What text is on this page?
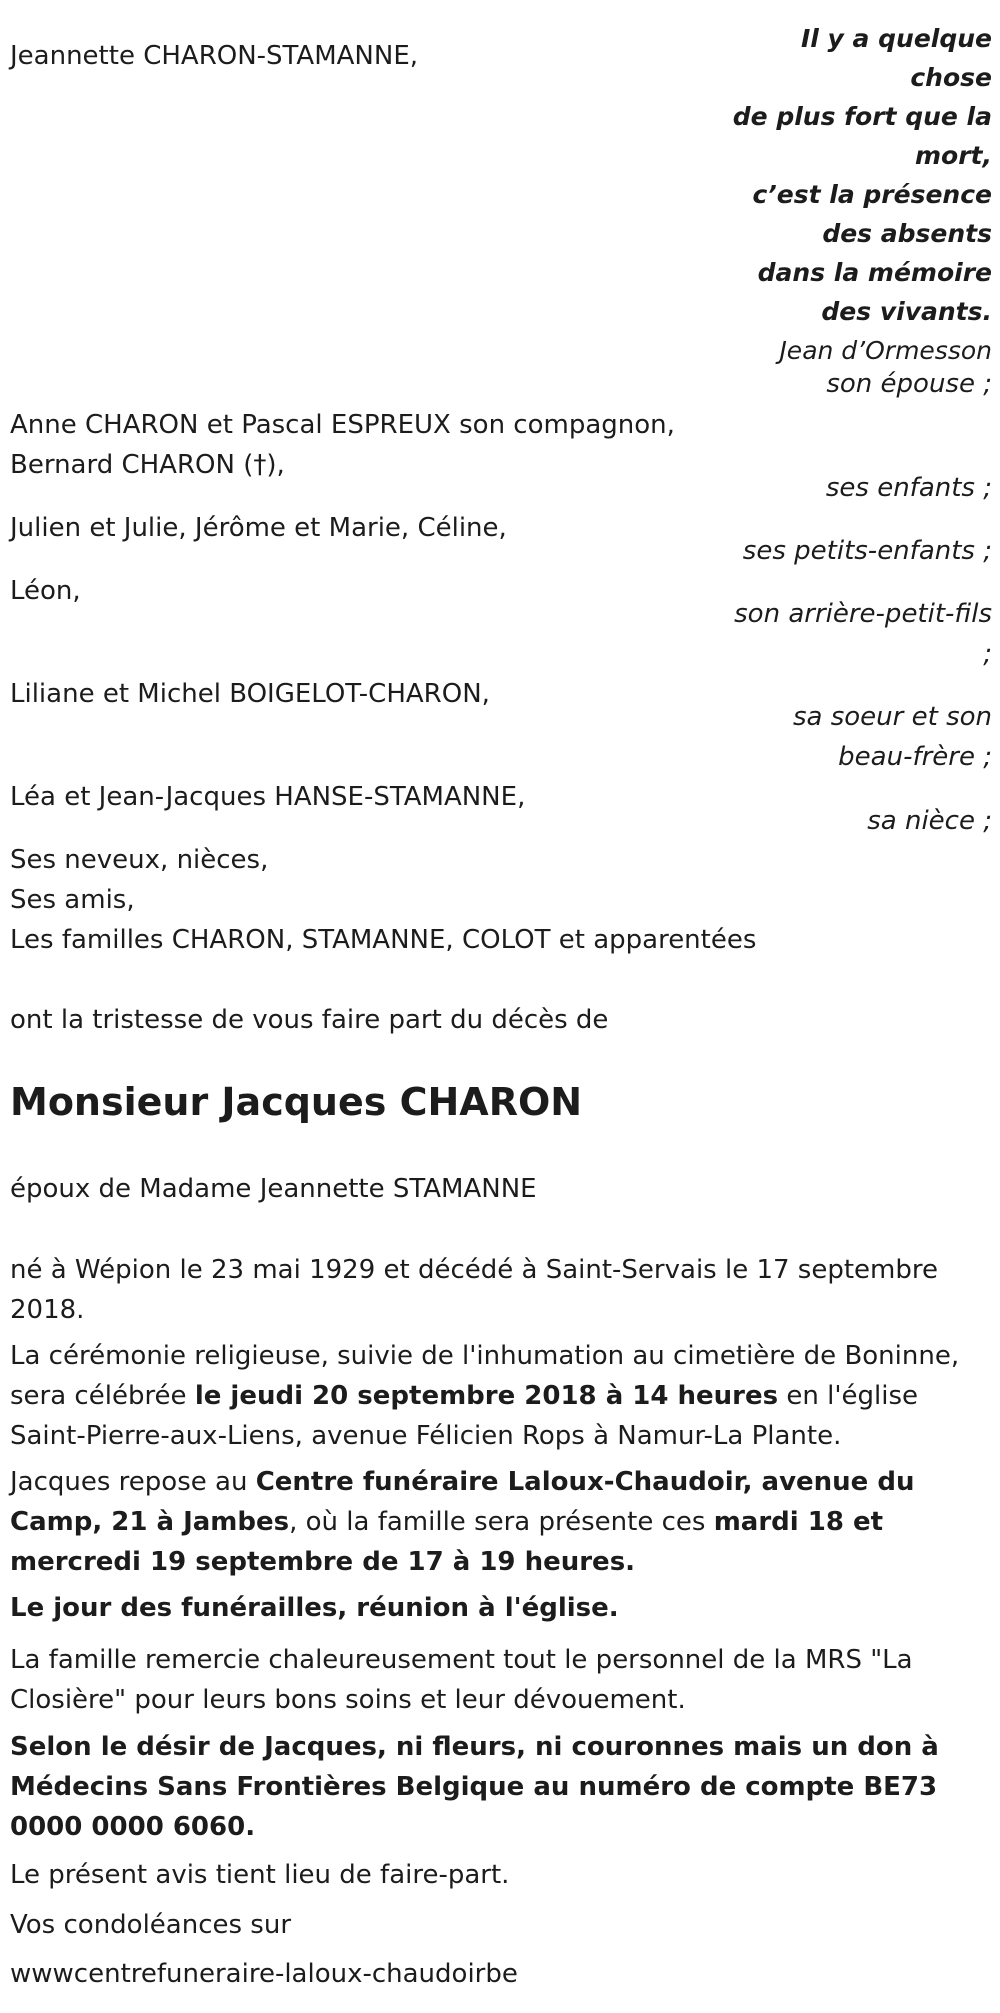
Jeannette CHARON-STAMANNE,

Il y a quelque
chose
de plus fort que la
mort,
c’est la présence
des absents
dans la mémoire
des vivants.
Jean d’Ormesson

son épouse ;

Anne CHARON et Pascal ESPREUX son compagnon,

Bernard CHARON (†),

ses enfants ;

Julien et Julie, Jérôme et Marie, Céline,

ses petits-enfants ;

Léon,

son arrière-petit-fils

;

Liliane et Michel BOIGELOT-CHARON,

sa soeur et son

beau-frère ;

Léa et Jean-Jacques HANSE-STAMANNE,

sa nièce ;

Ses neveux, nièces,

Ses amis,

Les familles CHARON, STAMANNE, COLOT et apparentées

ont la tristesse de vous faire part du décès de

Monsieur Jacques CHARON

époux de Madame Jeannette STAMANNE

né à Wépion le 23 mai 1929 et décédé à Saint-Servais le 17 septembre 2018.

La cérémonie religieuse, suivie de l'inhumation au cimetière de Boninne, sera célébrée le jeudi 20 septembre 2018 à 14 heures en l'église Saint-Pierre-aux-Liens, avenue Félicien Rops à Namur-La Plante.

Jacques repose au Centre funéraire Laloux-Chaudoir, avenue du Camp, 21 à Jambes, où la famille sera présente ces mardi 18 et mercredi 19 septembre de 17 à 19 heures.

Le jour des funérailles, réunion à l'église.

La famille remercie chaleureusement tout le personnel de la MRS "La Closière" pour leurs bons soins et leur dévouement.

Selon le désir de Jacques, ni fleurs, ni couronnes mais un don à Médecins Sans Frontières Belgique au numéro de compte BE73 0000 0000 6060.

Le présent avis tient lieu de faire-part.

Vos condoléances sur

wwwcentrefuneraire-laloux-chaudoirbe
